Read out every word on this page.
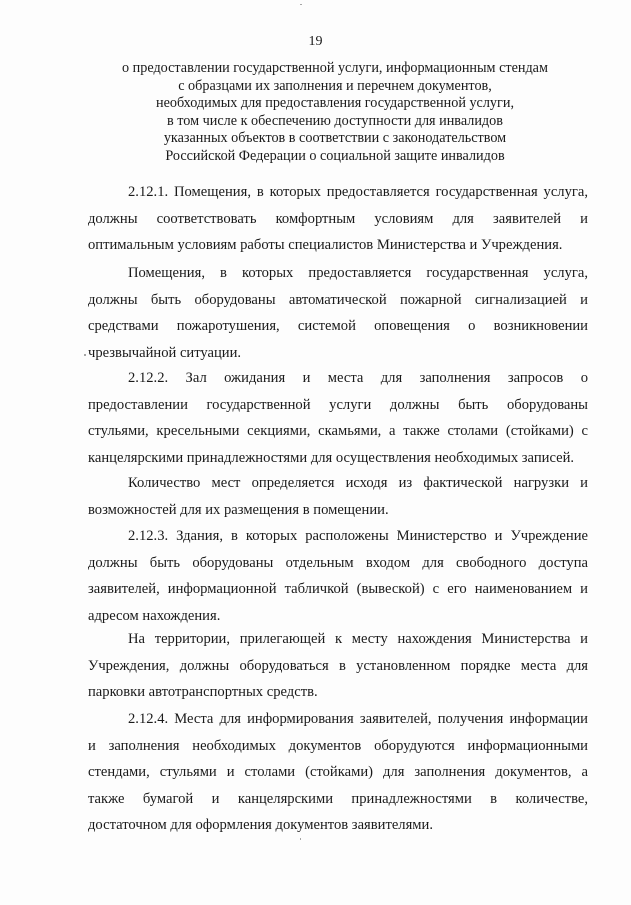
19
о предоставлении государственной услуги, информационным стендам
с образцами их заполнения и перечнем документов,
необходимых для предоставления государственной услуги,
в том числе к обеспечению доступности для инвалидов
указанных объектов в соответствии с законодательством
Российской Федерации о социальной защите инвалидов

2.12.1. Помещения, в которых предоставляется государственная услуга,
должны соответствовать комфортным условиям для заявителей и
оптимальным условиям работы специалистов Министерства и Учреждения.

Помещения, в которых предоставляется государственная услуга,
должны быть оборудованы автоматической пожарной сигнализацией и
средствами пожаротушения, системой оповещения о возникновении
чрезвычайной ситуации.

2.12.2. Зал ожидания и места для заполнения запросов о
предоставлении государственной услуги должны быть оборудованы
стульями, кресельными секциями, скамьями, а также столами (стойками) с
канцелярскими принадлежностями для осуществления необходимых записей.

Количество мест определяется исходя из фактической нагрузки и
возможностей для их размещения в помещении.

2.12.3. Здания, в которых расположены Министерство и Учреждение
должны быть оборудованы отдельным входом для свободного доступа
заявителей, информационной табличкой (вывеской) с его наименованием и
адресом нахождения.

На территории, прилегающей к месту нахождения Министерства и
Учреждения, должны оборудоваться в установленном порядке места для
парковки автотранспортных средств.

2.12.4. Места для информирования заявителей, получения информации
и заполнения необходимых документов оборудуются информационными
стендами, стульями и столами (стойками) для заполнения документов, а
также бумагой и канцелярскими принадлежностями в количестве,
достаточном для оформления документов заявителями.
